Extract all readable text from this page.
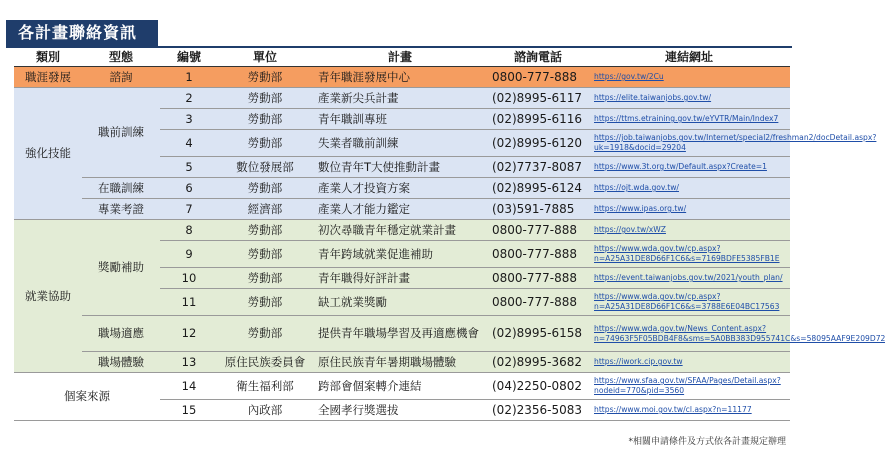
各計畫聯絡資訊
類別	型態	編號	單位	計畫	諮詢電話	連結網址
職涯發展	諮詢	1	勞動部	青年職涯發展中心	0800-777-888	https://gov.tw/2Cu
強化技能	職前訓練	2	勞動部	產業新尖兵計畫	(02)8995-6117	https://elite.taiwanjobs.gov.tw/
		3	勞動部	青年職訓專班	(02)8995-6116	https://ttms.etraining.gov.tw/eYVTR/Main/Index7
		4	勞動部	失業者職前訓練	(02)8995-6120	https://job.taiwanjobs.gov.tw/Internet/special2/freshman2/docDetail.aspx?uk=1918&docid=29204
		5	數位發展部	數位青年T大使推動計畫	(02)7737-8087	https://www.3t.org.tw/Default.aspx?Create=1
	在職訓練	6	勞動部	產業人才投資方案	(02)8995-6124	https://ojt.wda.gov.tw/
	專業考證	7	經濟部	產業人才能力鑑定	(03)591-7885	https://www.ipas.org.tw/
就業協助	獎勵補助	8	勞動部	初次尋職青年穩定就業計畫	0800-777-888	https://gov.tw/xWZ
		9	勞動部	青年跨域就業促進補助	0800-777-888	https://www.wda.gov.tw/cp.aspx?n=A25A31DE8D66F1C6&s=7169BDFE5385FB1E
		10	勞動部	青年職得好評計畫	0800-777-888	https://event.taiwanjobs.gov.tw/2021/youth_plan/
		11	勞動部	缺工就業獎勵	0800-777-888	https://www.wda.gov.tw/cp.aspx?n=A25A31DE8D66F1C6&s=3788E6E04BC17563
	職場適應	12	勞動部	提供青年職場學習及再適應機會	(02)8995-6158	https://www.wda.gov.tw/News_Content.aspx?n=74963F5F05BDB4F8&sms=5A0BB383D955741C&s=58095AAF9E209D72
	職場體驗	13	原住民族委員會	原住民族青年暑期職場體驗	(02)8995-3682	https://iwork.cip.gov.tw
個案來源		14	衛生福利部	跨部會個案轉介連結	(04)2250-0802	https://www.sfaa.gov.tw/SFAA/Pages/Detail.aspx?nodeid=770&pid=3560
		15	內政部	全國孝行獎選拔	(02)2356-5083	https://www.moi.gov.tw/cl.aspx?n=11177
*相關申請條件及方式依各計畫規定辦理
